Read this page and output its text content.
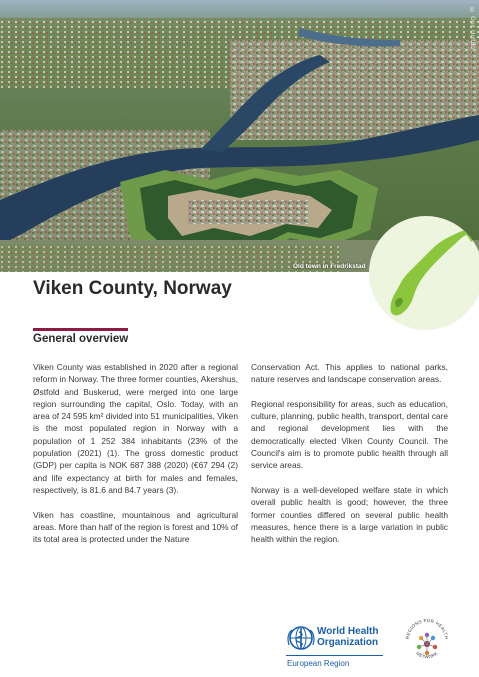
© Geir Hoftun
Old town in Fredrikstad
Viken County, Norway
General overview

Viken County was established in 2020 after a regional reform in Norway. The three former counties, Akershus, Østfold and Buskerud, were merged into one large region surrounding the capital, Oslo. Today, with an area of 24 595 km² divided into 51 municipalities, Viken is the most populated region in Norway with a population of 1 252 384 inhabitants (23% of the population (2021) (1). The gross domestic product (GDP) per capita is NOK 687 388 (2020) (€67 294 (2) and life expectancy at birth for males and females, respectively, is 81.6 and 84.7 years (3).

Viken has coastline, mountainous and agricultural areas. More than half of the region is forest and 10% of its total area is protected under the Nature

Conservation Act. This applies to national parks, nature reserves and landscape conservation areas.

Regional responsibility for areas, such as education, culture, planning, public health, transport, dental care and regional development lies with the democratically elected Viken County Council. The Council's aim is to promote public health through all service areas.

Norway is a well-developed welfare state in which overall public health is good; however, the three former counties differed on several public health measures, hence there is a large variation in public health within the region.

World Health
Organization
European Region
REGIONS FOR HEALTH
NETWORK
